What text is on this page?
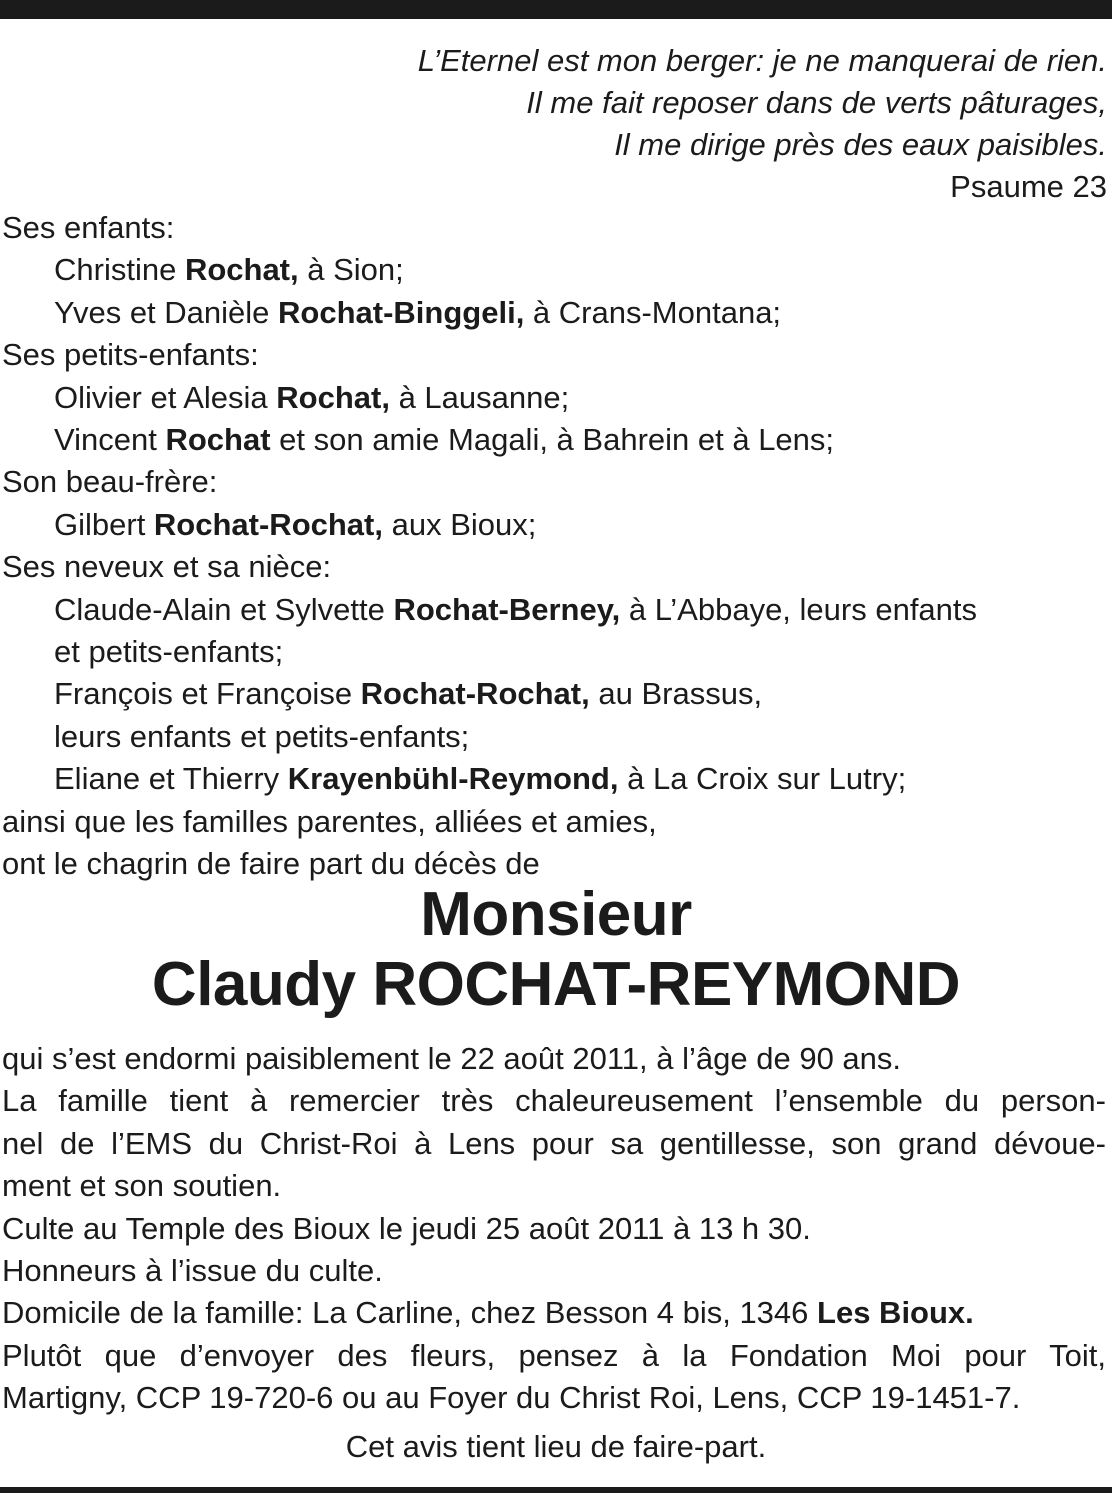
L’Eternel est mon berger: je ne manquerai de rien.
Il me fait reposer dans de verts pâturages,
Il me dirige près des eaux paisibles.
Psaume 23
Ses enfants:
Christine Rochat, à Sion;
Yves et Danièle Rochat-Binggeli, à Crans-Montana;
Ses petits-enfants:
Olivier et Alesia Rochat, à Lausanne;
Vincent Rochat et son amie Magali, à Bahrein et à Lens;
Son beau-frère:
Gilbert Rochat-Rochat, aux Bioux;
Ses neveux et sa nièce:
Claude-Alain et Sylvette Rochat-Berney, à L’Abbaye, leurs enfants
et petits-enfants;
François et Françoise Rochat-Rochat, au Brassus,
leurs enfants et petits-enfants;
Eliane et Thierry Krayenbühl-Reymond, à La Croix sur Lutry;
ainsi que les familles parentes, alliées et amies,
ont le chagrin de faire part du décès de
Monsieur
Claudy ROCHAT-REYMOND
qui s’est endormi paisiblement le 22 août 2011, à l’âge de 90 ans.
La famille tient à remercier très chaleureusement l’ensemble du person-
nel de l’EMS du Christ-Roi à Lens pour sa gentillesse, son grand dévoue-
ment et son soutien.
Culte au Temple des Bioux le jeudi 25 août 2011 à 13 h 30.
Honneurs à l’issue du culte.
Domicile de la famille: La Carline, chez Besson 4 bis, 1346 Les Bioux.
Plutôt que d’envoyer des fleurs, pensez à la Fondation Moi pour Toit,
Martigny, CCP 19-720-6 ou au Foyer du Christ Roi, Lens, CCP 19-1451-7.
Cet avis tient lieu de faire-part.
